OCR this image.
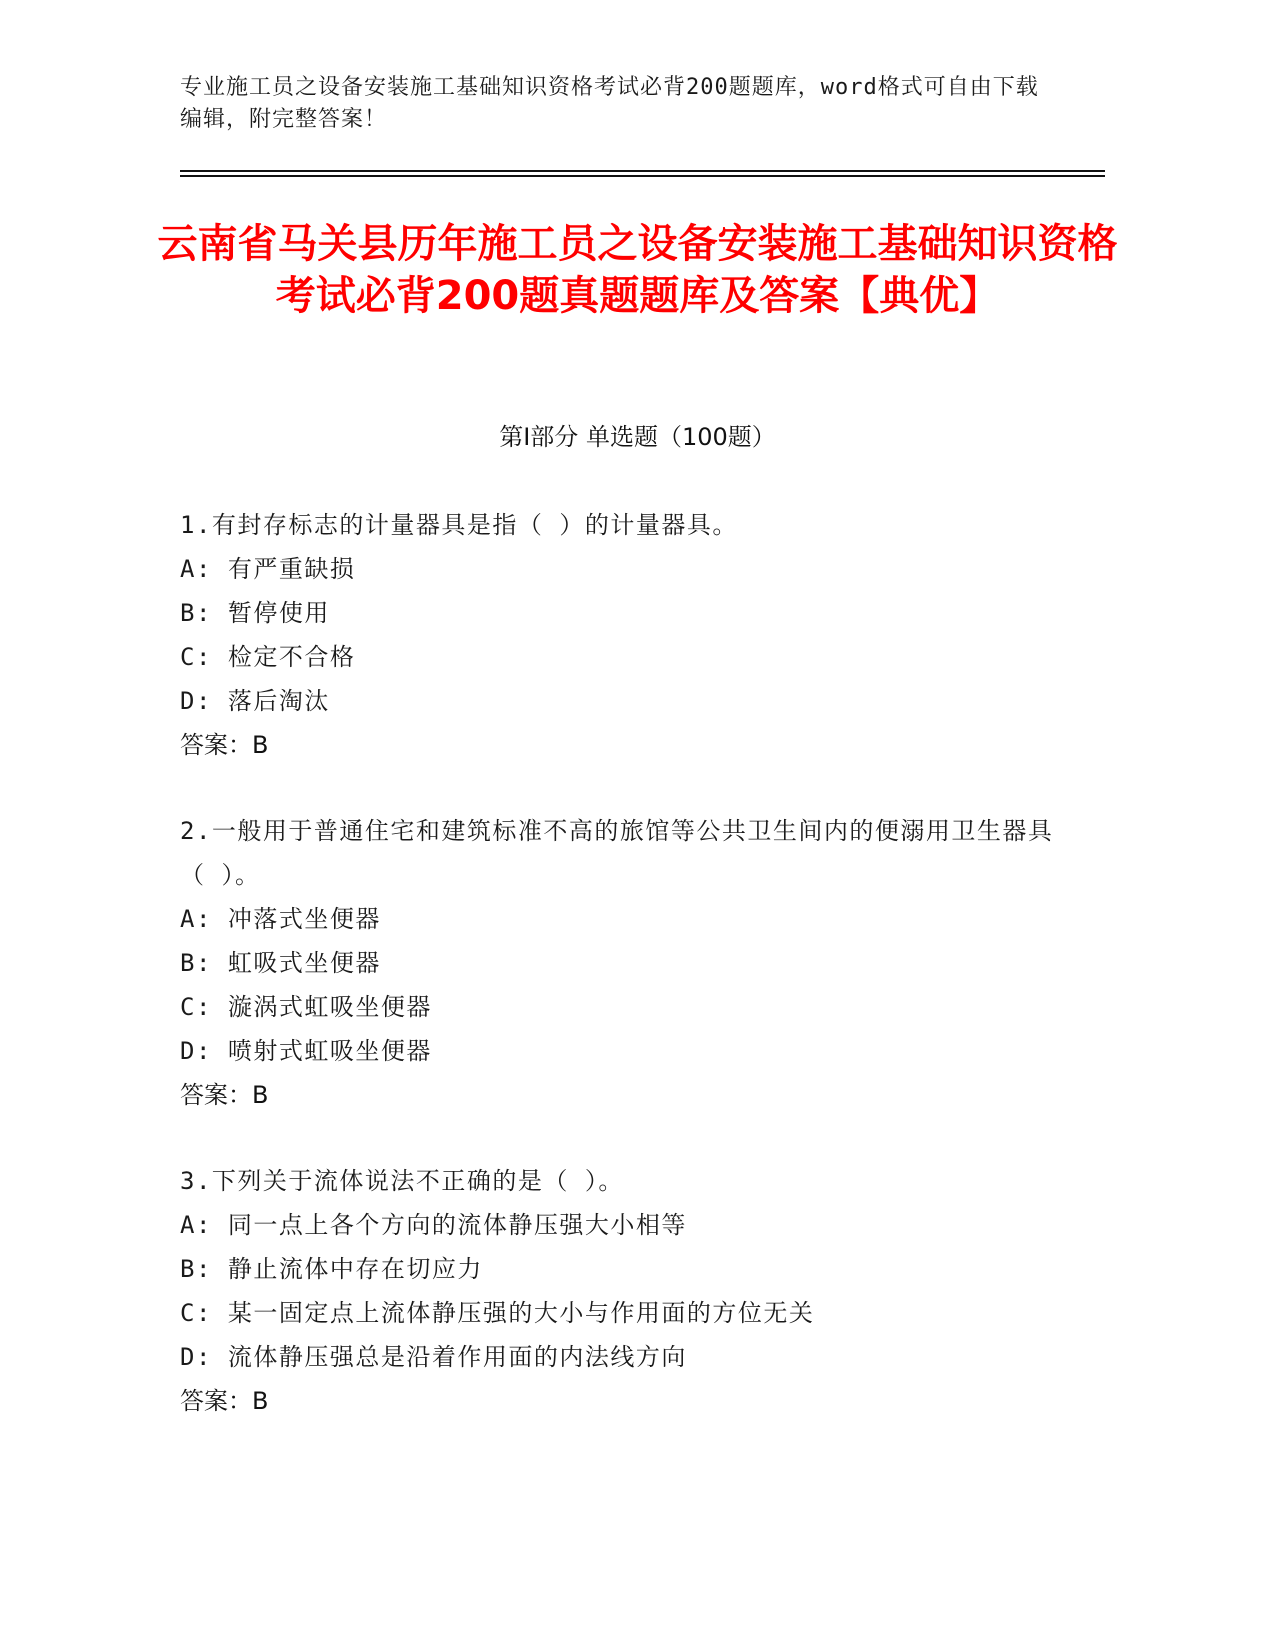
专业施工员之设备安装施工基础知识资格考试必背200题题库，word格式可自由下载编辑，附完整答案！
云南省马关县历年施工员之设备安装施工基础知识资格考试必背200题真题题库及答案【典优】
第I部分 单选题（100题）
1.有封存标志的计量器具是指（ ）的计量器具。
A: 有严重缺损
B: 暂停使用
C: 检定不合格
D: 落后淘汰
答案：B
2.一般用于普通住宅和建筑标准不高的旅馆等公共卫生间内的便溺用卫生器具（ ）。
A: 冲落式坐便器
B: 虹吸式坐便器
C: 漩涡式虹吸坐便器
D: 喷射式虹吸坐便器
答案：B
3.下列关于流体说法不正确的是（ ）。
A: 同一点上各个方向的流体静压强大小相等
B: 静止流体中存在切应力
C: 某一固定点上流体静压强的大小与作用面的方位无关
D: 流体静压强总是沿着作用面的内法线方向
答案：B
